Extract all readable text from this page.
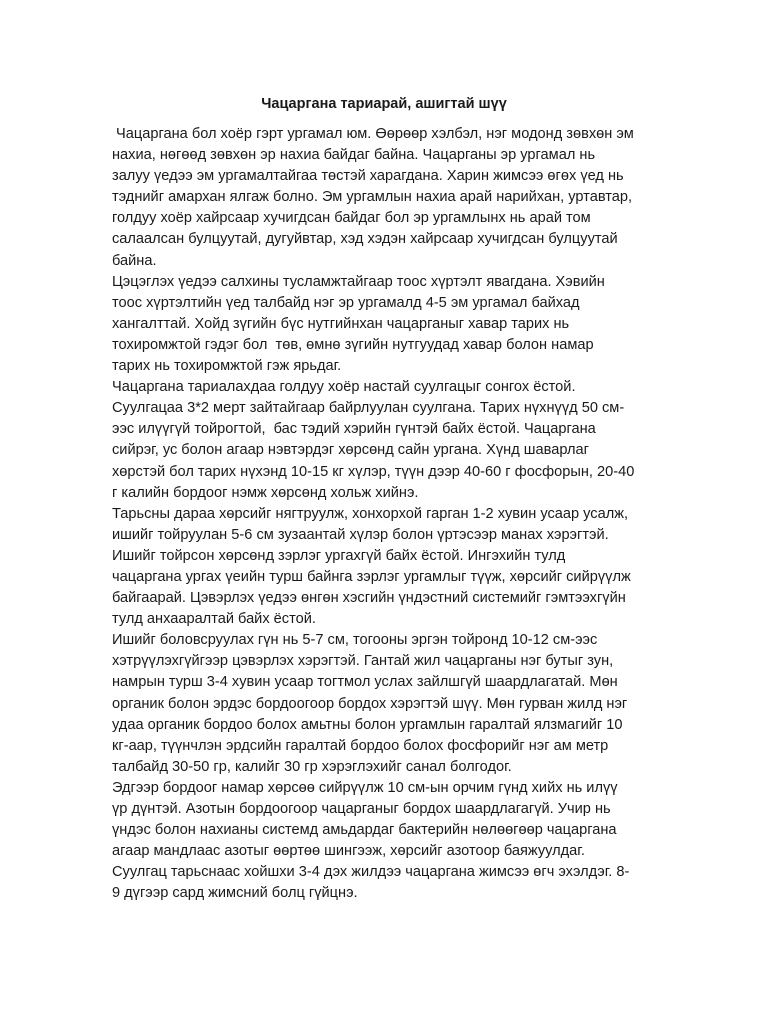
Чацаргана тариарай, ашигтай шүү
Чацаргана бол хоёр гэрт ургамал юм. Өөрөөр хэлбэл, нэг модонд зөвхөн эм
нахиа, нөгөөд зөвхөн эр нахиа байдаг байна. Чацарганы эр ургамал нь
залуу үедээ эм ургамалтайгаа төстэй харагдана. Харин жимсээ өгөх үед нь
тэднийг амархан ялгаж болно. Эм ургамлын нахиа арай нарийхан, уртавтар,
голдуу хоёр хайрсаар хучигдсан байдаг бол эр ургамлынх нь арай том
салаалсан булцуутай, дугуйвтар, хэд хэдэн хайрсаар хучигдсан булцуутай
байна.
Цэцэглэх үедээ салхины тусламжтайгаар тоос хүртэлт явагдана. Хэвийн
тоос хүртэлтийн үед талбайд нэг эр ургамалд 4-5 эм ургамал байхад
хангалттай. Хойд зүгийн бүс нутгийнхан чацарганыг хавар тарих нь
тохиромжтой гэдэг бол  төв, өмнө зүгийн нутгуудад хавар болон намар
тарих нь тохиромжтой гэж ярьдаг.
Чацаргана тариалахдаа голдуу хоёр настай суулгацыг сонгох ёстой.
Суулгацаа 3*2 мерт зайтайгаар байрлуулан суулгана. Тарих нүхнүүд 50 см-
ээс илүүгүй тойрогтой,  бас тэдий хэрийн гүнтэй байх ёстой. Чацаргана
сийрэг, ус болон агаар нэвтэрдэг хөрсөнд сайн ургана. Хүнд шаварлаг
хөрстэй бол тарих нүхэнд 10-15 кг хүлэр, түүн дээр 40-60 г фосфорын, 20-40
г калийн бордоог нэмж хөрсөнд хольж хийнэ.
Тарьсны дараа хөрсийг нягтруулж, хонхорхой гарган 1-2 хувин усаар усалж,
ишийг тойруулан 5-6 см зузаантай хүлэр болон үртэсээр манах хэрэгтэй.
Ишийг тойрсон хөрсөнд зэрлэг ургахгүй байх ёстой. Ингэхийн тулд
чацаргана ургах үеийн турш байнга зэрлэг ургамлыг түүж, хөрсийг сийрүүлж
байгаарай. Цэвэрлэх үедээ өнгөн хэсгийн үндэстний системийг гэмтээхгүйн
тулд анхааралтай байх ёстой.
Ишийг боловсруулах гүн нь 5-7 см, тогооны эргэн тойронд 10-12 см-ээс
хэтрүүлэхгүйгээр цэвэрлэх хэрэгтэй. Гантай жил чацарганы нэг бутыг зун,
намрын турш 3-4 хувин усаар тогтмол услах зайлшгүй шаардлагатай. Мөн
органик болон эрдэс бордоогоор бордох хэрэгтэй шүү. Мөн гурван жилд нэг
удаа органик бордоо болох амьтны болон ургамлын гаралтай ялзмагийг 10
кг-аар, түүнчлэн эрдсийн гаралтай бордоо болох фосфорийг нэг ам метр
талбайд 30-50 гр, калийг 30 гр хэрэглэхийг санал болгодог.
Эдгээр бордоог намар хөрсөө сийрүүлж 10 см-ын орчим гүнд хийх нь илүү
үр дүнтэй. Азотын бордоогоор чацарганыг бордох шаардлагагүй. Учир нь
үндэс болон нахианы системд амьдардаг бактерийн нөлөөгөөр чацаргана
агаар мандлаас азотыг өөртөө шингээж, хөрсийг азотоор баяжуулдаг.
Суулгац тарьснаас хойшхи 3-4 дэх жилдээ чацаргана жимсээ өгч эхэлдэг. 8-
9 дүгээр сард жимсний болц гүйцнэ.
